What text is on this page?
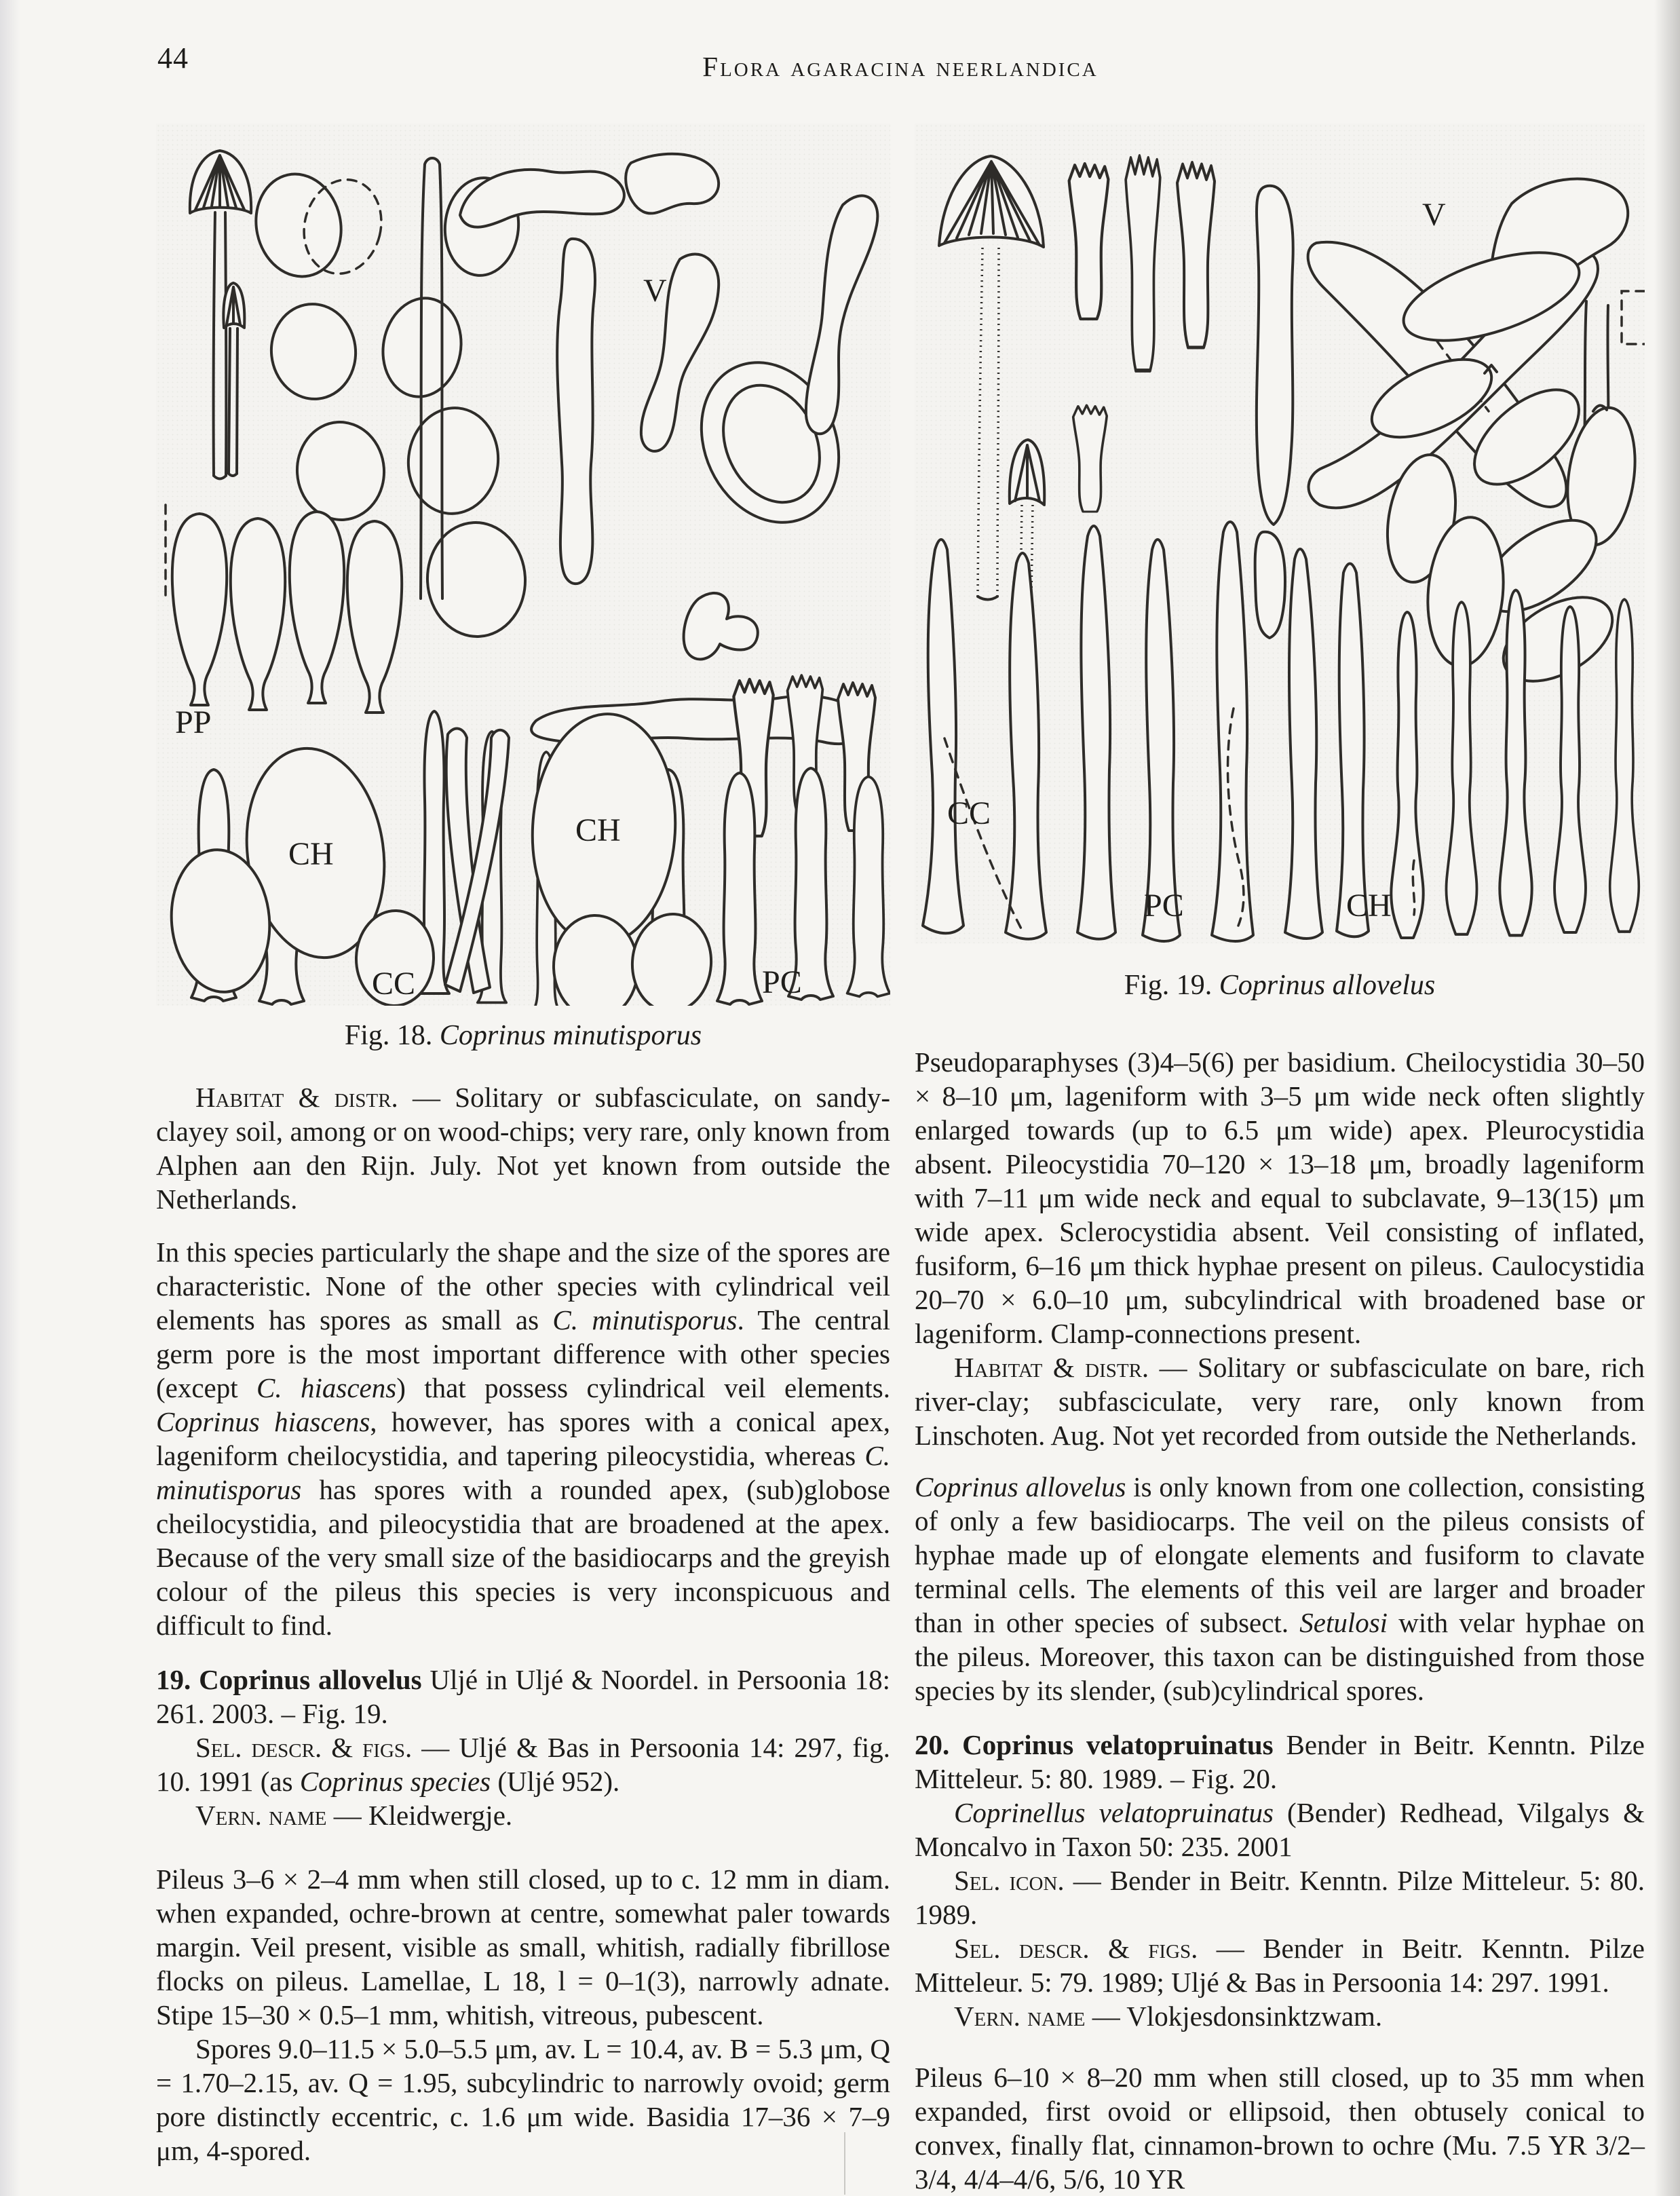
44	Flora agaracina neerlandica
V
PP
CH
CH
CC	PC
Fig. 18. Coprinus minutisporus
V
CC
PC	CH
Fig. 19. Coprinus allovelus

Habitat & distr. — Solitary or subfasciculate, on sandy-clayey soil, among or on wood-chips; very rare, only known from Alphen aan den Rijn. July. Not yet known from outside the Netherlands.

In this species particularly the shape and the size of the spores are characteristic. None of the other species with cylindrical veil elements has spores as small as C. minutisporus. The central germ pore is the most important difference with other species (except C. hiascens) that possess cylindrical veil elements. Coprinus hiascens, however, has spores with a conical apex, lageniform cheilocystidia, and tapering pileocystidia, whereas C. minutisporus has spores with a rounded apex, (sub)globose cheilocystidia, and pileocystidia that are broadened at the apex. Because of the very small size of the basidiocarps and the greyish colour of the pileus this species is very inconspicuous and difficult to find.

19. Coprinus allovelus Uljé in Uljé & Noordel. in Persoonia 18: 261. 2003. – Fig. 19.

Sel. descr. & figs. — Uljé & Bas in Persoonia 14: 297, fig. 10. 1991 (as Coprinus species (Uljé 952).

Vern. name — Kleidwergje.

Pileus 3–6 × 2–4 mm when still closed, up to c. 12 mm in diam. when expanded, ochre-brown at centre, somewhat paler towards margin. Veil present, visible as small, whitish, radially fibrillose flocks on pileus. Lamellae, L 18, l = 0–1(3), narrowly adnate. Stipe 15–30 × 0.5–1 mm, whitish, vitreous, pubescent.

Spores 9.0–11.5 × 5.0–5.5 μm, av. L = 10.4, av. B = 5.3 μm, Q = 1.70–2.15, av. Q = 1.95, subcylindric to narrowly ovoid; germ pore distinctly eccentric, c. 1.6 μm wide. Basidia 17–36 × 7–9 μm, 4-spored.

Pseudoparaphyses (3)4–5(6) per basidium. Cheilocystidia 30–50 × 8–10 μm, lageniform with 3–5 μm wide neck often slightly enlarged towards (up to 6.5 μm wide) apex. Pleurocystidia absent. Pileocystidia 70–120 × 13–18 μm, broadly lageniform with 7–11 μm wide neck and equal to subclavate, 9–13(15) μm wide apex. Sclerocystidia absent. Veil consisting of inflated, fusiform, 6–16 μm thick hyphae present on pileus. Caulocystidia 20–70 × 6.0–10 μm, subcylindrical with broadened base or lageniform. Clamp-connections present.

Habitat & distr. — Solitary or subfasciculate on bare, rich river-clay; subfasciculate, very rare, only known from Linschoten. Aug. Not yet recorded from outside the Netherlands.

Coprinus allovelus is only known from one collection, consisting of only a few basidiocarps. The veil on the pileus consists of hyphae made up of elongate elements and fusiform to clavate terminal cells. The elements of this veil are larger and broader than in other species of subsect. Setulosi with velar hyphae on the pileus. Moreover, this taxon can be distinguished from those species by its slender, (sub)cylindrical spores.

20. Coprinus velatopruinatus Bender in Beitr. Kenntn. Pilze Mitteleur. 5: 80. 1989. – Fig. 20.

Coprinellus velatopruinatus (Bender) Redhead, Vilgalys & Moncalvo in Taxon 50: 235. 2001

Sel. icon. — Bender in Beitr. Kenntn. Pilze Mitteleur. 5: 80. 1989.

Sel. descr. & figs. — Bender in Beitr. Kenntn. Pilze Mitteleur. 5: 79. 1989; Uljé & Bas in Persoonia 14: 297. 1991.

Vern. name — Vlokjesdonsinktzwam.

Pileus 6–10 × 8–20 mm when still closed, up to 35 mm when expanded, first ovoid or ellipsoid, then obtusely conical to convex, finally flat, cinnamon-brown to ochre (Mu. 7.5 YR 3/2–3/4, 4/4–4/6, 5/6, 10 YR
